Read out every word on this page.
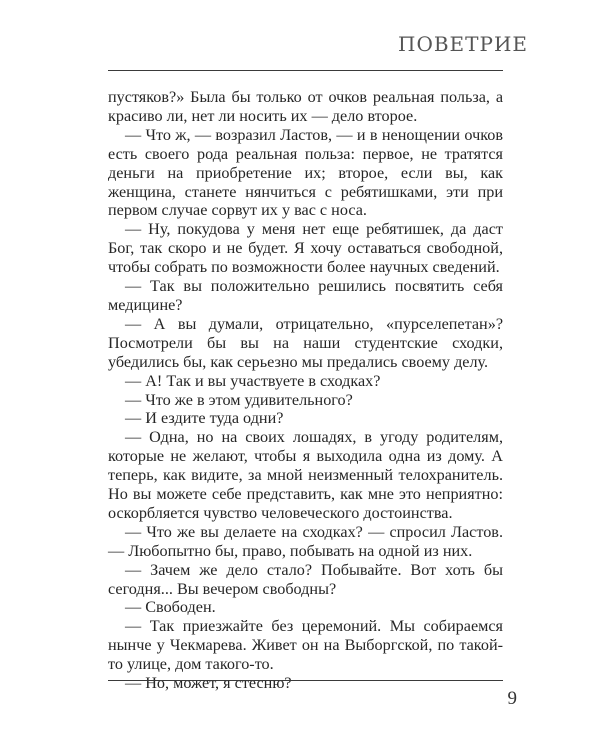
ПОВЕТРИЕ

пустяков?» Была бы только от очков реальная польза, а красиво ли, нет ли носить их — дело второе.

— Что ж, — возразил Ластов, — и в ненощении очков есть своего рода реальная польза: первое, не тратятся деньги на приобретение их; второе, если вы, как женщина, станете нянчиться с ребятишками, эти при первом случае сорвут их у вас с носа.

— Ну, покудова у меня нет еще ребятишек, да даст Бог, так скоро и не будет. Я хочу оставаться свободной, чтобы собрать по возможности более научных сведений.

— Так вы положительно решились посвятить себя медицине?

— А вы думали, отрицательно, «пурселепетан»? Посмотрели бы вы на наши студентские сходки, убедились бы, как серьезно мы предались своему делу.

— А! Так и вы участвуете в сходках?

— Что же в этом удивительного?

— И ездите туда одни?

— Одна, но на своих лошадях, в угоду родителям, которые не желают, чтобы я выходила одна из дому. А теперь, как видите, за мной неизменный телохранитель. Но вы можете себе представить, как мне это неприятно: оскорбляется чувство человеческого достоинства.

— Что же вы делаете на сходках? — спросил Ластов. — Любопытно бы, право, побывать на одной из них.

— Зачем же дело стало? Побывайте. Вот хоть бы сегодня... Вы вечером свободны?

— Свободен.

— Так приезжайте без церемоний. Мы собираемся нынче у Чекмарева. Живет он на Выборгской, по такой-то улице, дом такого-то.

— Но, может, я стесню?

9
